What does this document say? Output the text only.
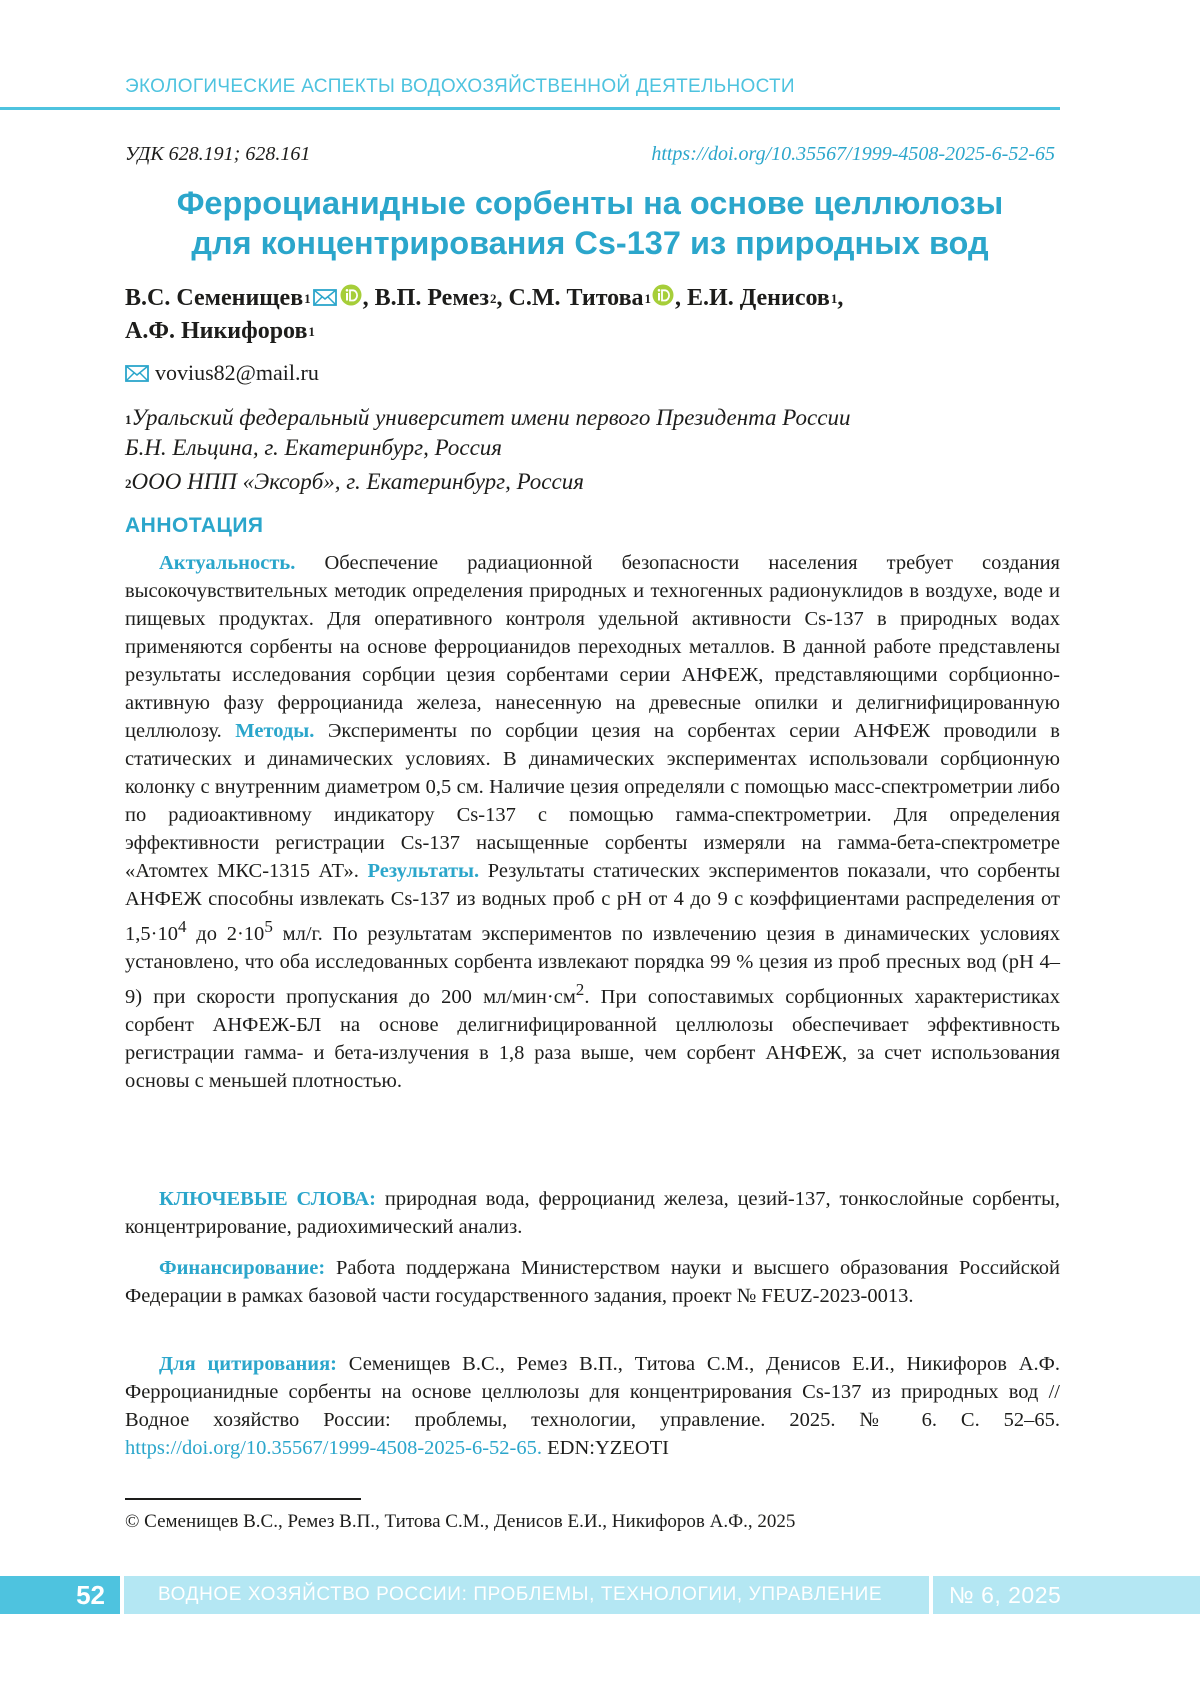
ЭКОЛОГИЧЕСКИЕ АСПЕКТЫ ВОДОХОЗЯЙСТВЕННОЙ ДЕЯТЕЛЬНОСТИ
УДК 628.191; 628.161	https://doi.org/10.35567/1999-4508-2025-6-52-65
Ферроцианидные сорбенты на основе целлюлозы
для концентрирования Cs-137 из природных вод
В.С. Семенищев$^1$ , В.П. Ремез$^2$, С.М. Титова$^1$ , Е.И. Денисов$^1$,
А.Ф. Никифоров$^1$
vovius82@mail.ru
$^1$Уральский федеральный университет имени первого Президента России
Б.Н. Ельцина, г. Екатеринбург, Россия
$^2$ООО НПП «Эксорб», г. Екатеринбург, Россия
АННОТАЦИЯ

Актуальность. Обеспечение радиационной безопасности населения требует создания высокочувствительных методик определения природных и техногенных радионуклидов в воздухе, воде и пищевых продуктах. Для оперативного контроля удельной активности Cs-137 в природных водах применяются сорбенты на основе ферроцианидов переходных металлов. В данной работе представлены результаты исследования сорбции цезия сорбентами серии АНФЕЖ, представляющими сорбционно-активную фазу ферроцианида железа, нанесенную на древесные опилки и делигнифицированную целлюлозу. Методы. Эксперименты по сорбции цезия на сорбентах серии АНФЕЖ проводили в статических и динамических условиях. В динамических экспериментах использовали сорбционную колонку с внутренним диаметром 0,5 см. Наличие цезия определяли с помощью масс-спектрометрии либо по радиоактивному индикатору Cs-137 с помощью гамма-спектрометрии. Для определения эффективности регистрации Cs-137 насыщенные сорбенты измеряли на гамма-бета-спектрометре «Атомтех МКС-1315 АТ». Результаты. Результаты статических экспериментов показали, что сорбенты АНФЕЖ способны извлекать Cs-137 из водных проб с pH от 4 до 9 с коэффициентами распределения от $1,5\cdot 10^4$ до $2\cdot 10^5$ мл/г. По результатам экспериментов по извлечению цезия в динамических условиях установлено, что оба исследованных сорбента извлекают порядка 99 % цезия из проб пресных вод (pH 4–9) при скорости пропускания до 200 $мл/мин\cdot см^2$. При сопоставимых сорбционных характеристиках сорбент АНФЕЖ-БЛ на основе делигнифицированной целлюлозы обеспечивает эффективность регистрации гамма- и бета-излучения в 1,8 раза выше, чем сорбент АНФЕЖ, за счет использования основы с меньшей плотностью.

КЛЮЧЕВЫЕ СЛОВА: природная вода, ферроцианид железа, цезий-137, тонкослойные сорбенты, концентрирование, радиохимический анализ.

Финансирование: Работа поддержана Министерством науки и высшего образования Российской Федерации в рамках базовой части государственного задания, проект № FEUZ-2023-0013.

Для цитирования: Семенищев В.С., Ремез В.П., Титова С.М., Денисов Е.И., Никифоров А.Ф. Ферроцианидные сорбенты на основе целлюлозы для концентрирования Cs-137 из природных вод // Водное хозяйство России: проблемы, технологии, управление. 2025. № 6. С. 52–65. https://doi.org/10.35567/1999-4508-2025-6-52-65. EDN:YZEOTI

© Семенищев В.С., Ремез В.П., Титова С.М., Денисов Е.И., Никифоров А.Ф., 2025
52	ВОДНОЕ ХОЗЯЙСТВО РОССИИ: ПРОБЛЕМЫ, ТЕХНОЛОГИИ, УПРАВЛЕНИЕ	№ 6, 2025
